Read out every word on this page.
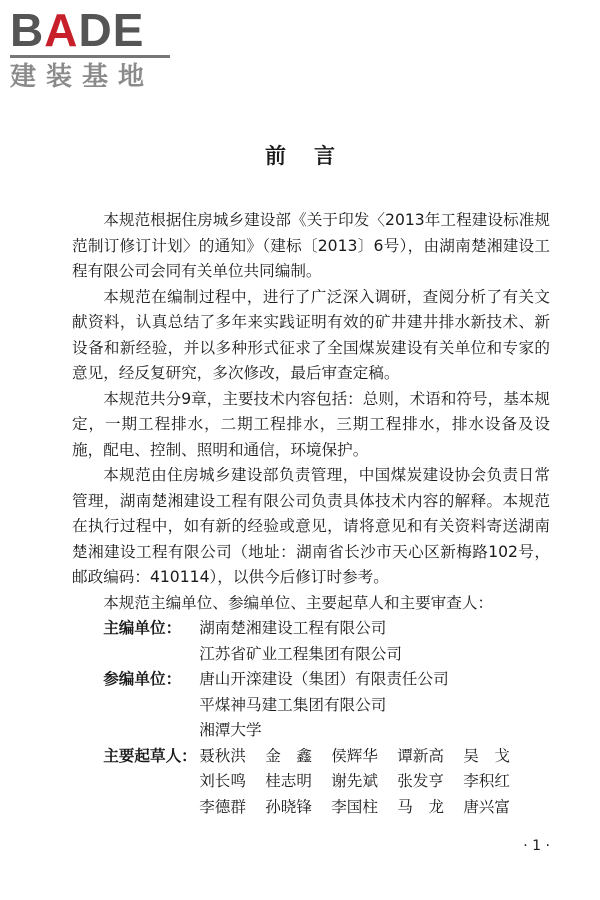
BADE
建装基地
前言

本规范根据住房城乡建设部《关于印发〈2013年工程建设标准规范制订修订计划〉的通知》（建标〔2013〕6号），由湖南楚湘建设工程有限公司会同有关单位共同编制。

本规范在编制过程中，进行了广泛深入调研，查阅分析了有关文献资料，认真总结了多年来实践证明有效的矿井建井排水新技术、新设备和新经验，并以多种形式征求了全国煤炭建设有关单位和专家的意见，经反复研究，多次修改，最后审查定稿。

本规范共分9章，主要技术内容包括：总则，术语和符号，基本规定，一期工程排水，二期工程排水，三期工程排水，排水设备及设施，配电、控制、照明和通信，环境保护。

本规范由住房城乡建设部负责管理，中国煤炭建设协会负责日常管理，湖南楚湘建设工程有限公司负责具体技术内容的解释。本规范在执行过程中，如有新的经验或意见，请将意见和有关资料寄送湖南楚湘建设工程有限公司（地址：湖南省长沙市天心区新梅路102号，邮政编码：410114），以供今后修订时参考。

本规范主编单位、参编单位、主要起草人和主要审查人：

主编单位：	湖南楚湘建设工程有限公司
江苏省矿业工程集团有限公司
参编单位：	唐山开滦建设（集团）有限责任公司
平煤神马建工集团有限公司
湘潭大学
主要起草人： 聂秋洪	金　鑫	侯辉华	谭新高	吴　戈
刘长鸣	桂志明	谢先斌	张发亨	李积红
李德群	孙晓锋	李国柱	马　龙	唐兴富
· 1 ·
